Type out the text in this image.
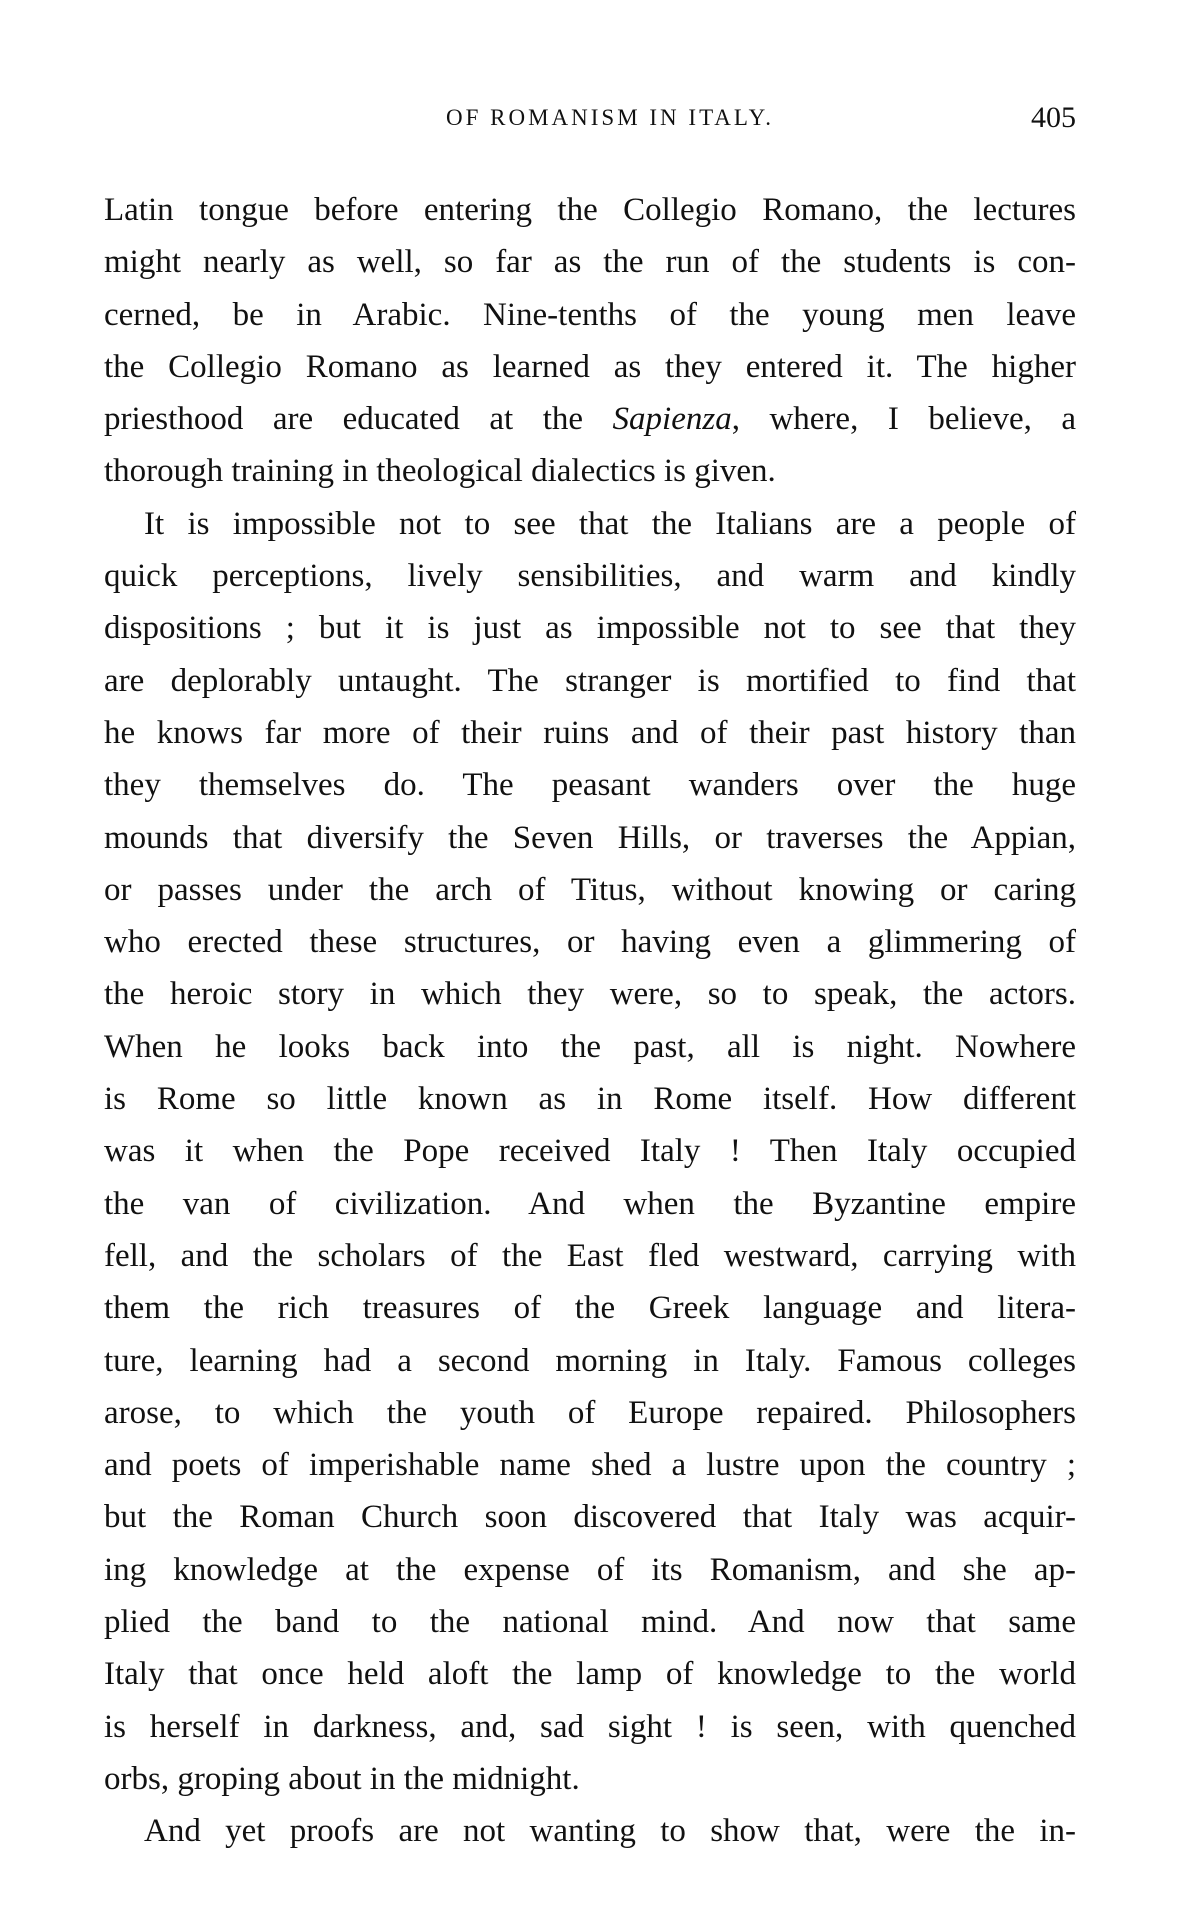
OF ROMANISM IN ITALY.	405
Latin tongue before entering the Collegio Romano, the lectures
might nearly as well, so far as the run of the students is con-
cerned, be in Arabic. Nine-tenths of the young men leave
the Collegio Romano as learned as they entered it. The higher
priesthood are educated at the Sapienza, where, I believe, a
thorough training in theological dialectics is given.
It is impossible not to see that the Italians are a people of
quick perceptions, lively sensibilities, and warm and kindly
dispositions ; but it is just as impossible not to see that they
are deplorably untaught. The stranger is mortified to find that
he knows far more of their ruins and of their past history than
they themselves do. The peasant wanders over the huge
mounds that diversify the Seven Hills, or traverses the Appian,
or passes under the arch of Titus, without knowing or caring
who erected these structures, or having even a glimmering of
the heroic story in which they were, so to speak, the actors.
When he looks back into the past, all is night. Nowhere
is Rome so little known as in Rome itself. How different
was it when the Pope received Italy ! Then Italy occupied
the van of civilization. And when the Byzantine empire
fell, and the scholars of the East fled westward, carrying with
them the rich treasures of the Greek language and litera-
ture, learning had a second morning in Italy. Famous colleges
arose, to which the youth of Europe repaired. Philosophers
and poets of imperishable name shed a lustre upon the country ;
but the Roman Church soon discovered that Italy was acquir-
ing knowledge at the expense of its Romanism, and she ap-
plied the band to the national mind. And now that same
Italy that once held aloft the lamp of knowledge to the world
is herself in darkness, and, sad sight ! is seen, with quenched
orbs, groping about in the midnight.
And yet proofs are not wanting to show that, were the in-
